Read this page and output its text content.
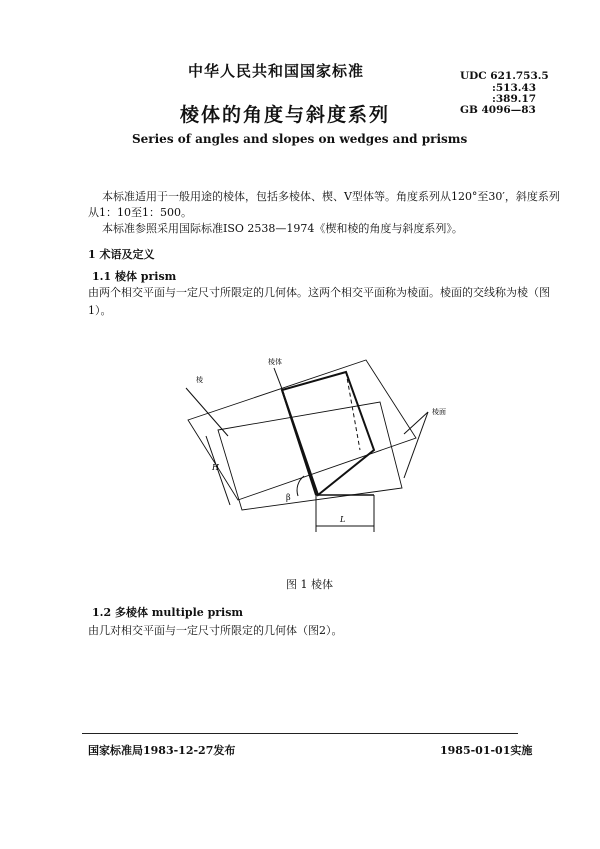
中华人民共和国国家标准	UDC 621.753.5
:513.43
:389.17
GB 4096—83
棱体的角度与斜度系列
Series of angles and slopes on wedges and prisms
本标准适用于一般用途的棱体，包括多棱体、楔、V型体等。角度系列从120°至30′，斜度系列
从1：10至1：500。
本标准参照采用国际标准ISO 2538—1974《楔和棱的角度与斜度系列》。
1 术语及定义
1.1 棱体 prism
由两个相交平面与一定尺寸所限定的几何体。这两个相交平面称为棱面。棱面的交线称为棱（图
1）。
棱
棱体
棱面
β
H
L
图 1 棱体
1.2 多棱体 multiple prism
由几对相交平面与一定尺寸所限定的几何体（图2）。
国家标准局1983-12-27发布	1985-01-01实施
